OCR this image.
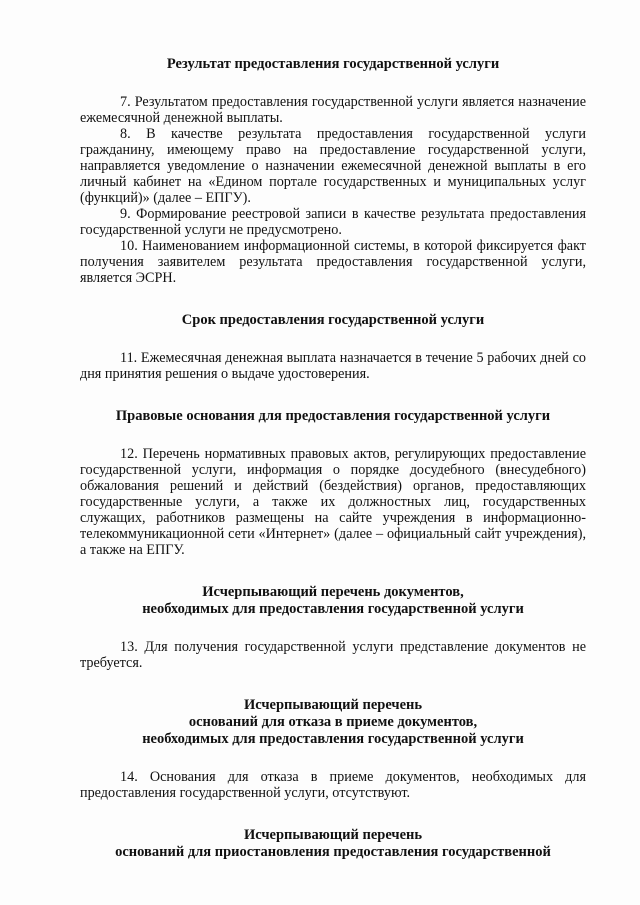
Результат предоставления государственной услуги

7. Результатом предоставления государственной услуги является назначение ежемесячной денежной выплаты.

8. В качестве результата предоставления государственной услуги гражданину, имеющему право на предоставление государственной услуги, направляется уведомление о назначении ежемесячной денежной выплаты в его личный кабинет на «Едином портале государственных и муниципальных услуг (функций)» (далее – ЕПГУ).

9. Формирование реестровой записи в качестве результата предоставления государственной услуги не предусмотрено.

10. Наименованием информационной системы, в которой фиксируется факт получения заявителем результата предоставления государственной услуги, является ЭСРН.

Срок предоставления государственной услуги

11. Ежемесячная денежная выплата назначается в течение 5 рабочих дней со дня принятия решения о выдаче удостоверения.

Правовые основания для предоставления государственной услуги

12. Перечень нормативных правовых актов, регулирующих предоставление государственной услуги, информация о порядке досудебного (внесудебного) обжалования решений и действий (бездействия) органов, предоставляющих государственные услуги, а также их должностных лиц, государственных служащих, работников размещены на сайте учреждения в информационно-телекоммуникационной сети «Интернет» (далее – официальный сайт учреждения), а также на ЕПГУ.

Исчерпывающий перечень документов,
необходимых для предоставления государственной услуги

13. Для получения государственной услуги представление документов не требуется.

Исчерпывающий перечень
оснований для отказа в приеме документов,
необходимых для предоставления государственной услуги

14. Основания для отказа в приеме документов, необходимых для предоставления государственной услуги, отсутствуют.

Исчерпывающий перечень
оснований для приостановления предоставления государственной
